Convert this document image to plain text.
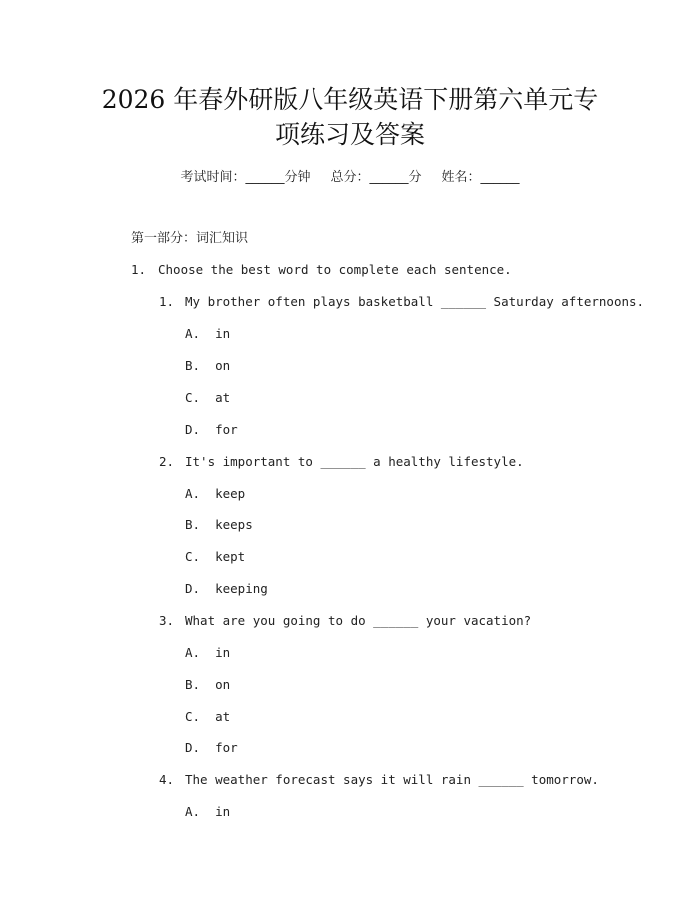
2026 年春外研版八年级英语下册第六单元专
项练习及答案
考试时间：______分钟 总分：______分 姓名：______
第一部分：词汇知识
1. Choose the best word to complete each sentence.
1. My brother often plays basketball ______ Saturday afternoons.
A.  in
B.  on
C.  at
D.  for
2. It's important to ______ a healthy lifestyle.
A.  keep
B.  keeps
C.  kept
D.  keeping
3. What are you going to do ______ your vacation?
A.  in
B.  on
C.  at
D.  for
4. The weather forecast says it will rain ______ tomorrow.
A.  in
